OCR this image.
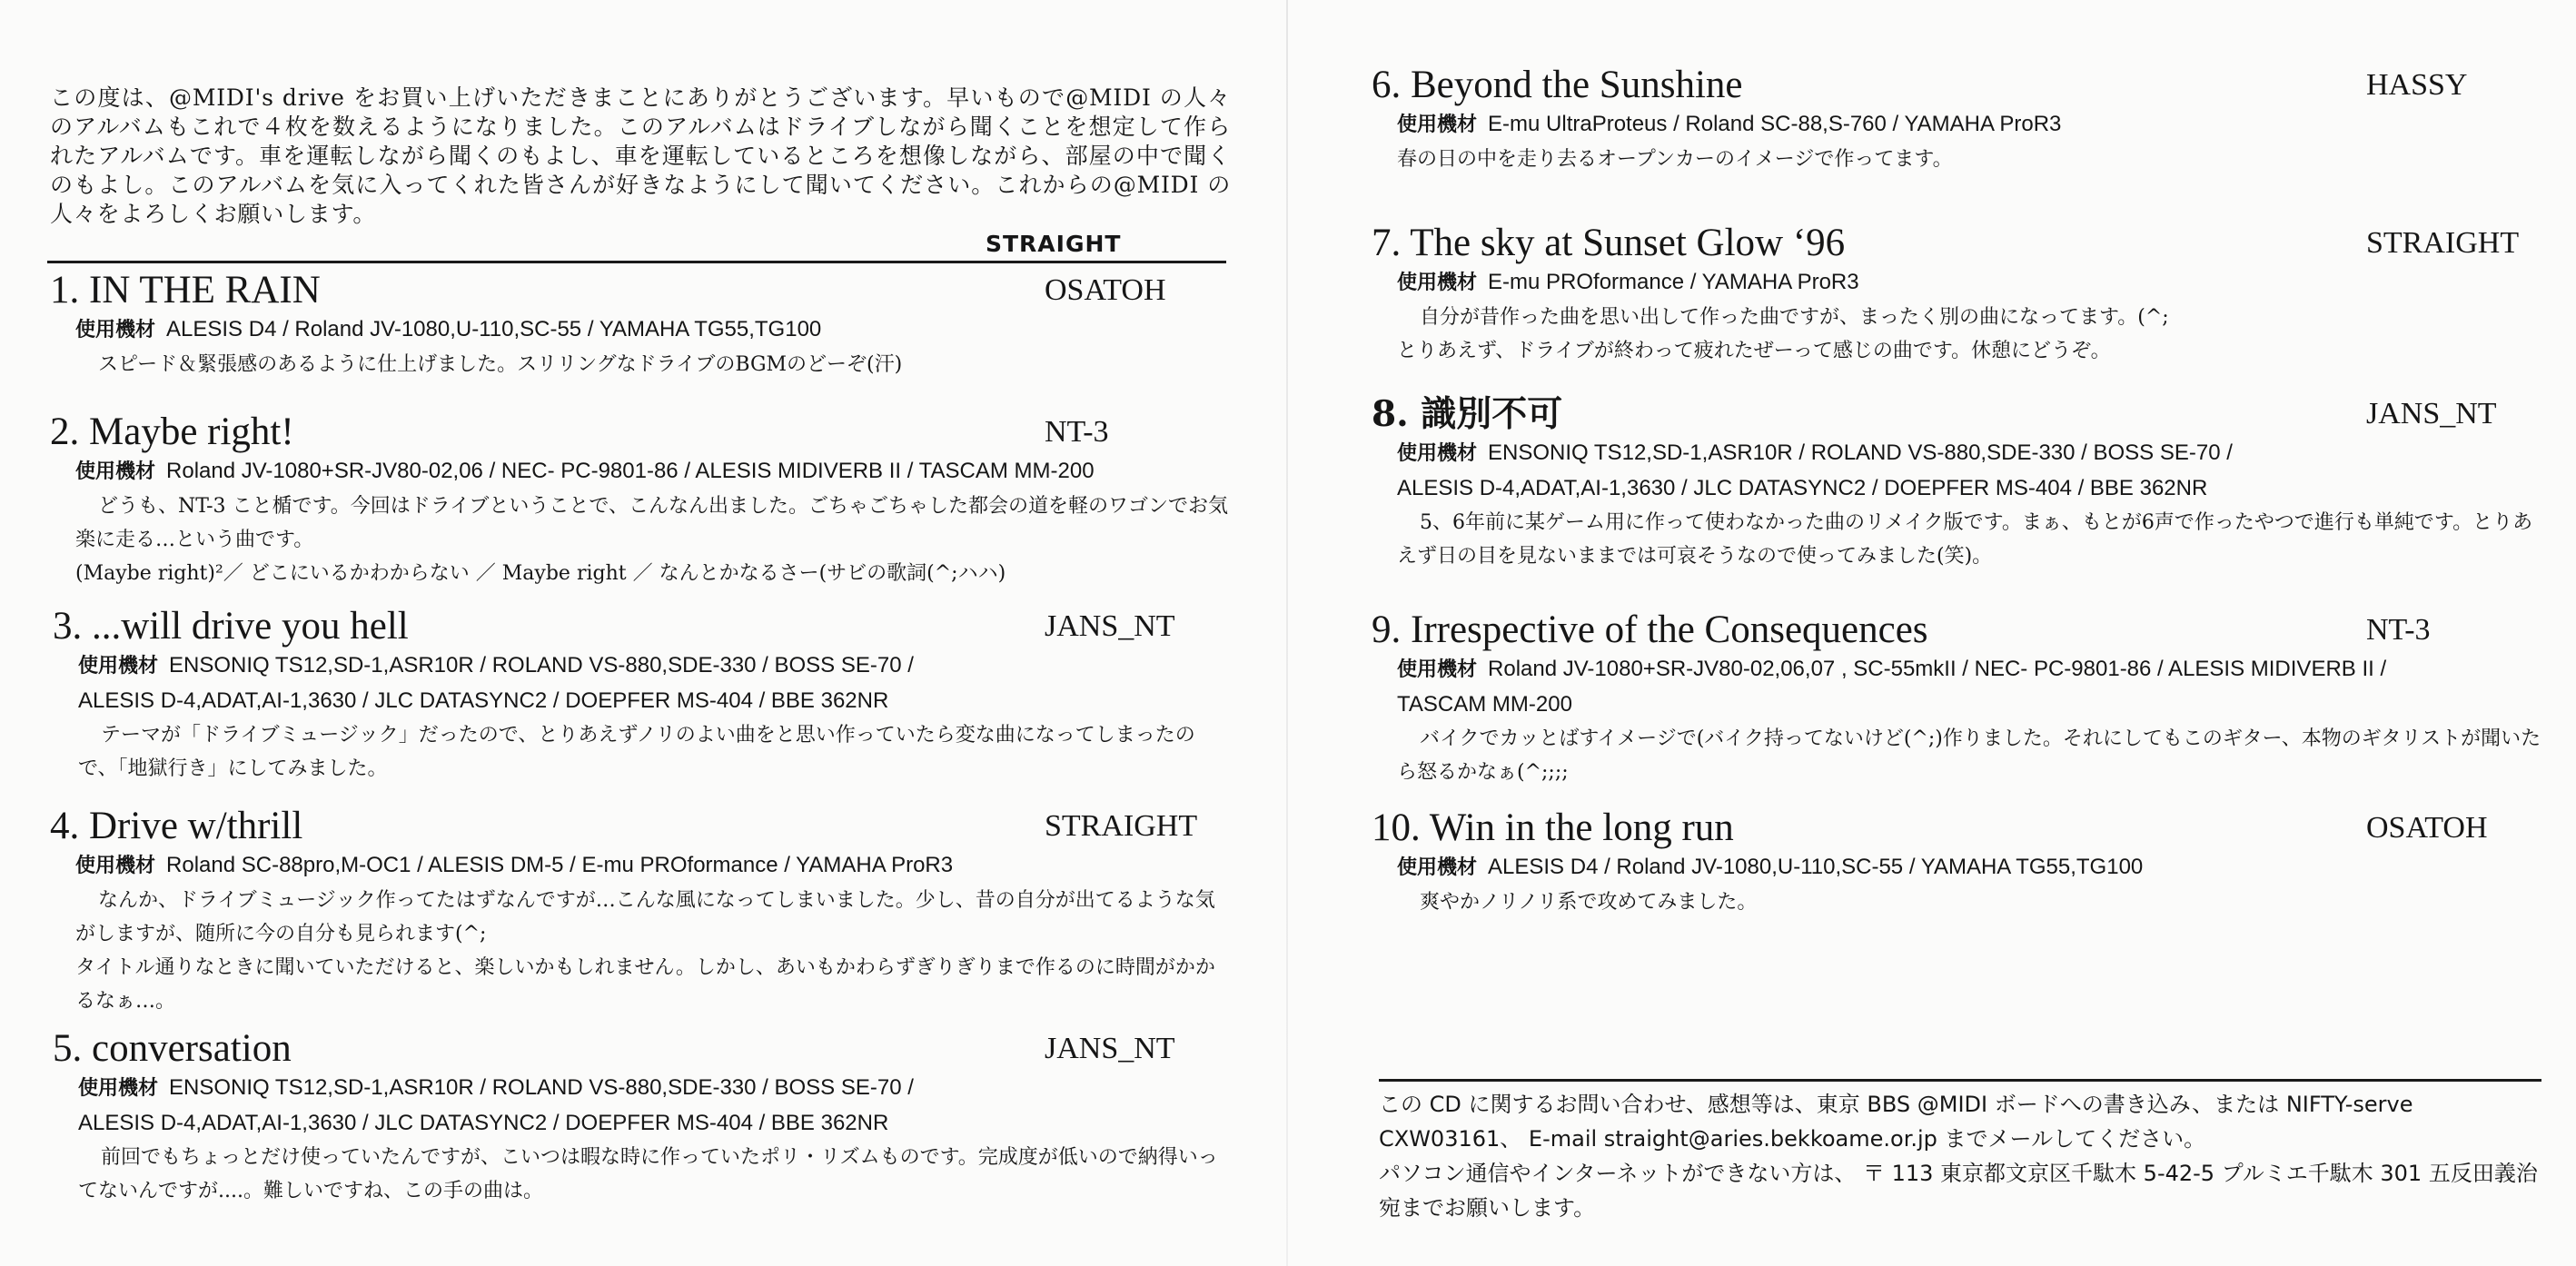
この度は、@MIDI's drive をお買い上げいただきまことにありがとうございます。早いもので@MIDI の人々のアルバムもこれで４枚を数えるようになりました。このアルバムはドライブしながら聞くことを想定して作られたアルバムです。車を運転しながら聞くのもよし、車を運転しているところを想像しながら、部屋の中で聞くのもよし。このアルバムを気に入ってくれた皆さんが好きなようにして聞いてください。これからの@MIDI の人々をよろしくお願いします。
STRAIGHT
1. IN THE RAIN	OSATOH
使用機材 ALESIS D4 / Roland JV-1080,U-110,SC-55 / YAMAHA TG55,TG100
スピード＆緊張感のあるように仕上げました。スリリングなドライブのBGMのどーぞ(汗)
2. Maybe right!	NT-3
使用機材 Roland JV-1080+SR-JV80-02,06 / NEC- PC-9801-86 / ALESIS MIDIVERB II / TASCAM MM-200
どうも、NT-3 こと楯です。今回はドライブということで、こんなん出ました。ごちゃごちゃした都会の道を軽のワゴンでお気楽に走る…という曲です。
(Maybe right)²／ どこにいるかわからない ／ Maybe right ／ なんとかなるさー(サビの歌詞(^;ハハ)
3. ...will drive you hell	JANS_NT
使用機材 ENSONIQ TS12,SD-1,ASR10R / ROLAND VS-880,SDE-330 / BOSS SE-70 /
ALESIS D-4,ADAT,AI-1,3630 / JLC DATASYNC2 / DOEPFER MS-404 / BBE 362NR
テーマが「ドライブミュージック」だったので、とりあえずノリのよい曲をと思い作っていたら変な曲になってしまったので、「地獄行き」にしてみました。
4. Drive w/thrill	STRAIGHT
使用機材 Roland SC-88pro,M-OC1 / ALESIS DM-5 / E-mu PROformance / YAMAHA ProR3
なんか、ドライブミュージック作ってたはずなんですが…こんな風になってしまいました。少し、昔の自分が出てるような気がしますが、随所に今の自分も見られます(^;
タイトル通りなときに聞いていただけると、楽しいかもしれません。しかし、あいもかわらずぎりぎりまで作るのに時間がかかるなぁ…。
5. conversation	JANS_NT
使用機材 ENSONIQ TS12,SD-1,ASR10R / ROLAND VS-880,SDE-330 / BOSS SE-70 /
ALESIS D-4,ADAT,AI-1,3630 / JLC DATASYNC2 / DOEPFER MS-404 / BBE 362NR
前回でもちょっとだけ使っていたんですが、こいつは暇な時に作っていたポリ・リズムものです。完成度が低いので納得いってないんですが....。難しいですね、この手の曲は。
6. Beyond the Sunshine	HASSY
使用機材 E-mu UltraProteus / Roland SC-88,S-760 / YAMAHA ProR3
春の日の中を走り去るオープンカーのイメージで作ってます。
7. The sky at Sunset Glow ‘96	STRAIGHT
使用機材 E-mu PROformance / YAMAHA ProR3
自分が昔作った曲を思い出して作った曲ですが、まったく別の曲になってます。(^;
とりあえず、ドライブが終わって疲れたぜーって感じの曲です。休憩にどうぞ。
8. 識別不可	JANS_NT
使用機材 ENSONIQ TS12,SD-1,ASR10R / ROLAND VS-880,SDE-330 / BOSS SE-70 /
ALESIS D-4,ADAT,AI-1,3630 / JLC DATASYNC2 / DOEPFER MS-404 / BBE 362NR
5、6年前に某ゲーム用に作って使わなかった曲のリメイク版です。まぁ、もとが6声で作ったやつで進行も単純です。とりあえず日の目を見ないままでは可哀そうなので使ってみました(笑)。
9. Irrespective of the Consequences	NT-3
使用機材 Roland JV-1080+SR-JV80-02,06,07 , SC-55mkII / NEC- PC-9801-86 / ALESIS MIDIVERB II /
TASCAM MM-200
バイクでカッとばすイメージで(バイク持ってないけど(^;)作りました。それにしてもこのギター、本物のギタリストが聞いたら怒るかなぁ(^;;;;
10. Win in the long run	OSATOH
使用機材 ALESIS D4 / Roland JV-1080,U-110,SC-55 / YAMAHA TG55,TG100
爽やかノリノリ系で攻めてみました。
この CD に関するお問い合わせ、感想等は、東京 BBS @MIDI ボードへの書き込み、または NIFTY-serve
CXW03161、 E-mail straight@aries.bekkoame.or.jp までメールしてください。
パソコン通信やインターネットができない方は、 〒 113 東京都文京区千駄木 5-42-5 プルミエ千駄木 301 五反田義治宛までお願いします。
